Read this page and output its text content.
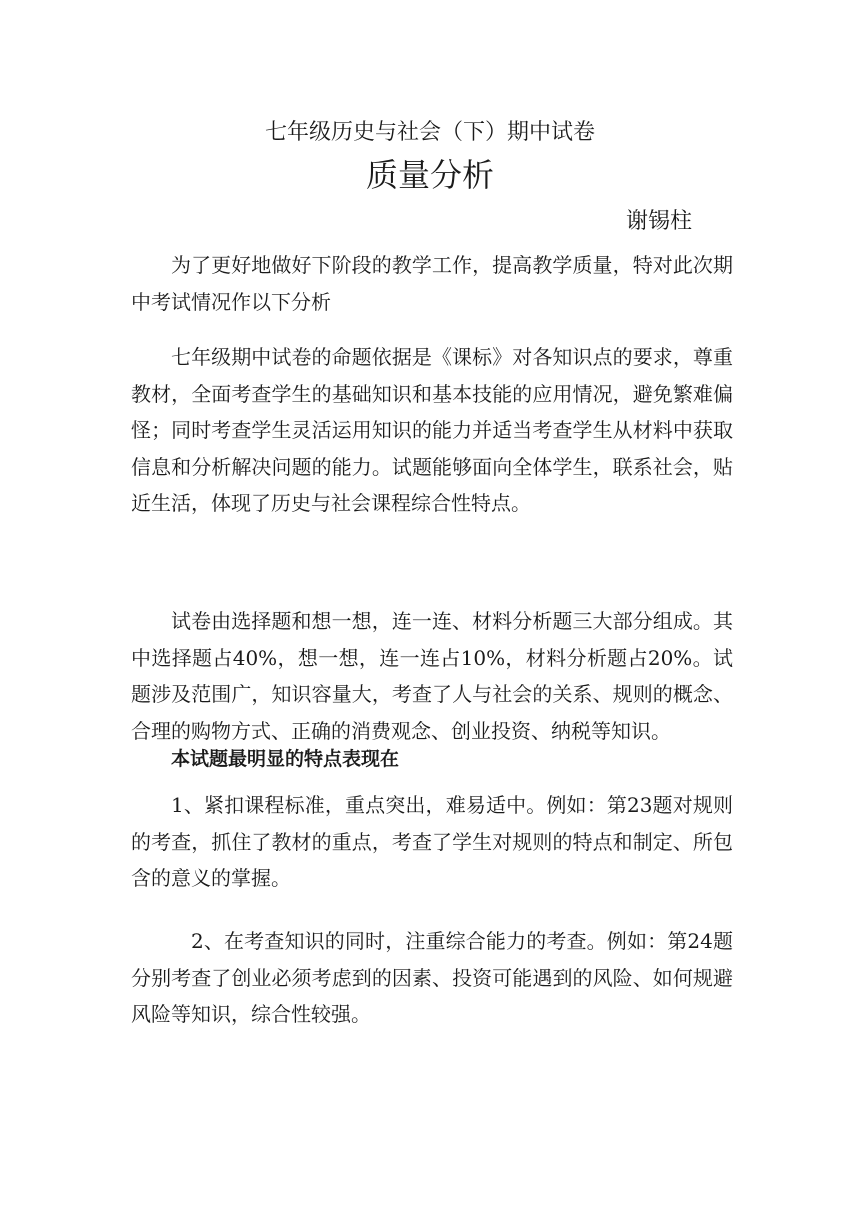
七年级历史与社会（下）期中试卷
质量分析
谢锡柱

为了更好地做好下阶段的教学工作，提高教学质量，特对此次期中考试情况作以下分析

七年级期中试卷的命题依据是《课标》对各知识点的要求，尊重教材，全面考查学生的基础知识和基本技能的应用情况，避免繁难偏怪；同时考查学生灵活运用知识的能力并适当考查学生从材料中获取信息和分析解决问题的能力。试题能够面向全体学生，联系社会，贴近生活，体现了历史与社会课程综合性特点。

试卷由选择题和想一想，连一连、材料分析题三大部分组成。其中选择题占40%，想一想，连一连占10%，材料分析题占20%。试题涉及范围广，知识容量大，考查了人与社会的关系、规则的概念、合理的购物方式、正确的消费观念、创业投资、纳税等知识。

本试题最明显的特点表现在

1、紧扣课程标准，重点突出，难易适中。例如：第23题对规则的考查，抓住了教材的重点，考查了学生对规则的特点和制定、所包含的意义的掌握。

2、在考查知识的同时，注重综合能力的考查。例如：第24题分别考查了创业必须考虑到的因素、投资可能遇到的风险、如何规避风险等知识，综合性较强。
